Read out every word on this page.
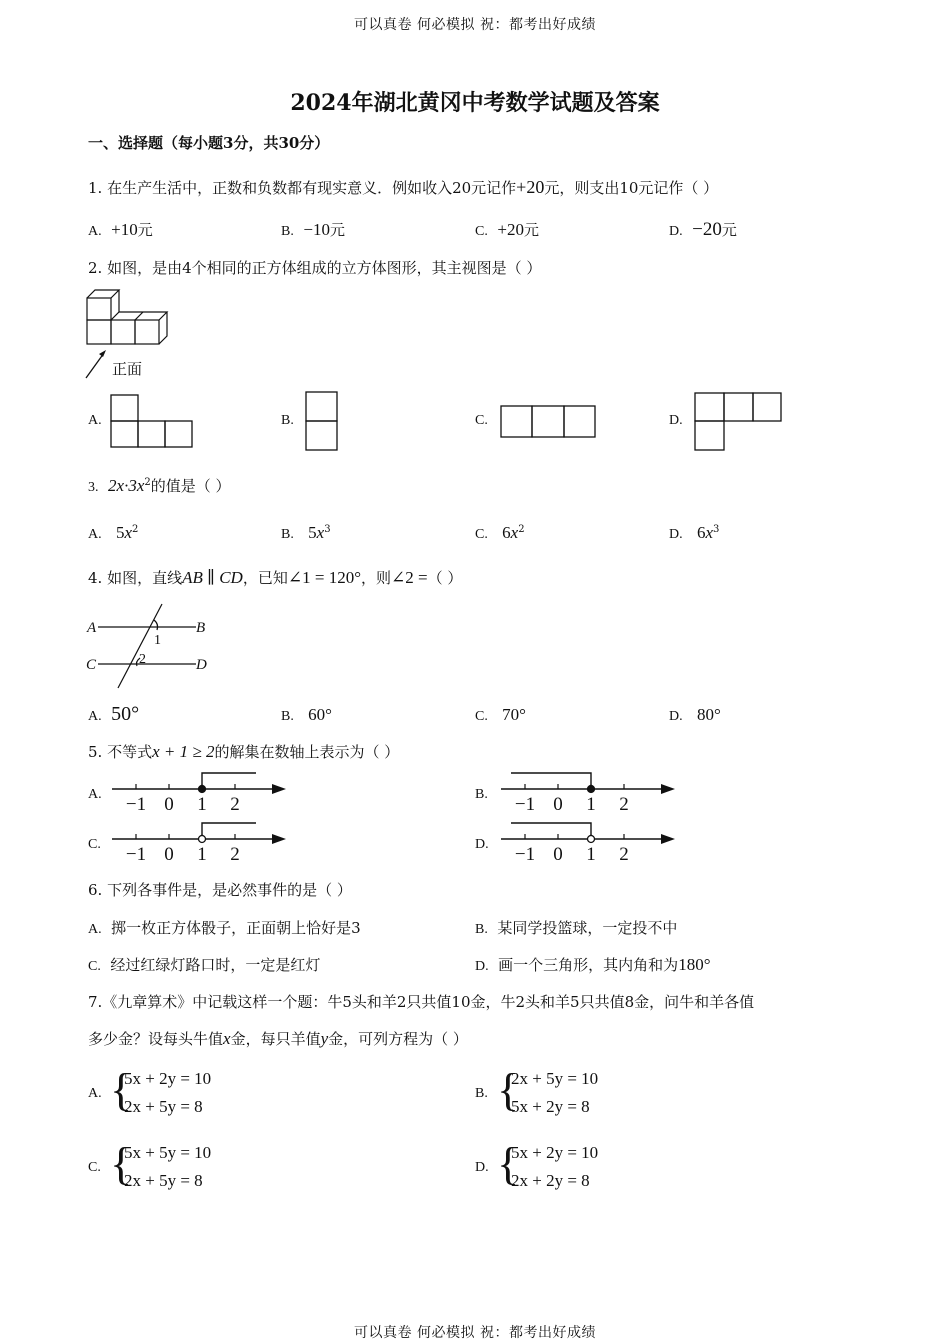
可以真卷 何必模拟 祝：都考出好成绩
2024年湖北黄冈中考数学试题及答案
一、选择题（每小题3分，共30分）
1. 在生产生活中，正数和负数都有现实意义．例如收入20元记作+20元，则支出10元记作（ ）
A. +10元	B. −10元	C. +20元	D. −20元
2. 如图，是由4个相同的正方体组成的立方体图形，其主视图是（ ）
正面
A.	B.	C.	D.
3. $2x\cdot 3x^2$的值是（ ）
A. $5x^2$	B. $5x^3$	C. $6x^2$	D. $6x^3$
4. 如图，直线AB ∥ CD，已知∠1 = 120°，则∠2 =（ ）
A	B
C	D
1
2
A. 50°	B. 60°	C. 70°	D. 80°
5. 不等式x + 1 ≥ 2的解集在数轴上表示为（ ）
A. −1 0 1 2	B. −1 0 1 2
C. −1 0 1 2	D. −1 0 1 2
6. 下列各事件是，是必然事件的是（ ）
A. 掷一枚正方体骰子，正面朝上恰好是3	B. 某同学投篮球，一定投不中
C. 经过红绿灯路口时，一定是红灯	D. 画一个三角形，其内角和为180°
7.《九章算术》中记载这样一个题：牛5头和羊2只共值10金，牛2头和羊5只共值8金，问牛和羊各值
多少金？设每头牛值x金，每只羊值y金，可列方程为（ ）
A. {
5x + 2y = 10
2x + 5y = 8
B. {
2x + 5y = 10
5x + 2y = 8
C. {
5x + 5y = 10
2x + 5y = 8
D. {
5x + 2y = 10
2x + 2y = 8
可以真卷 何必模拟 祝：都考出好成绩
